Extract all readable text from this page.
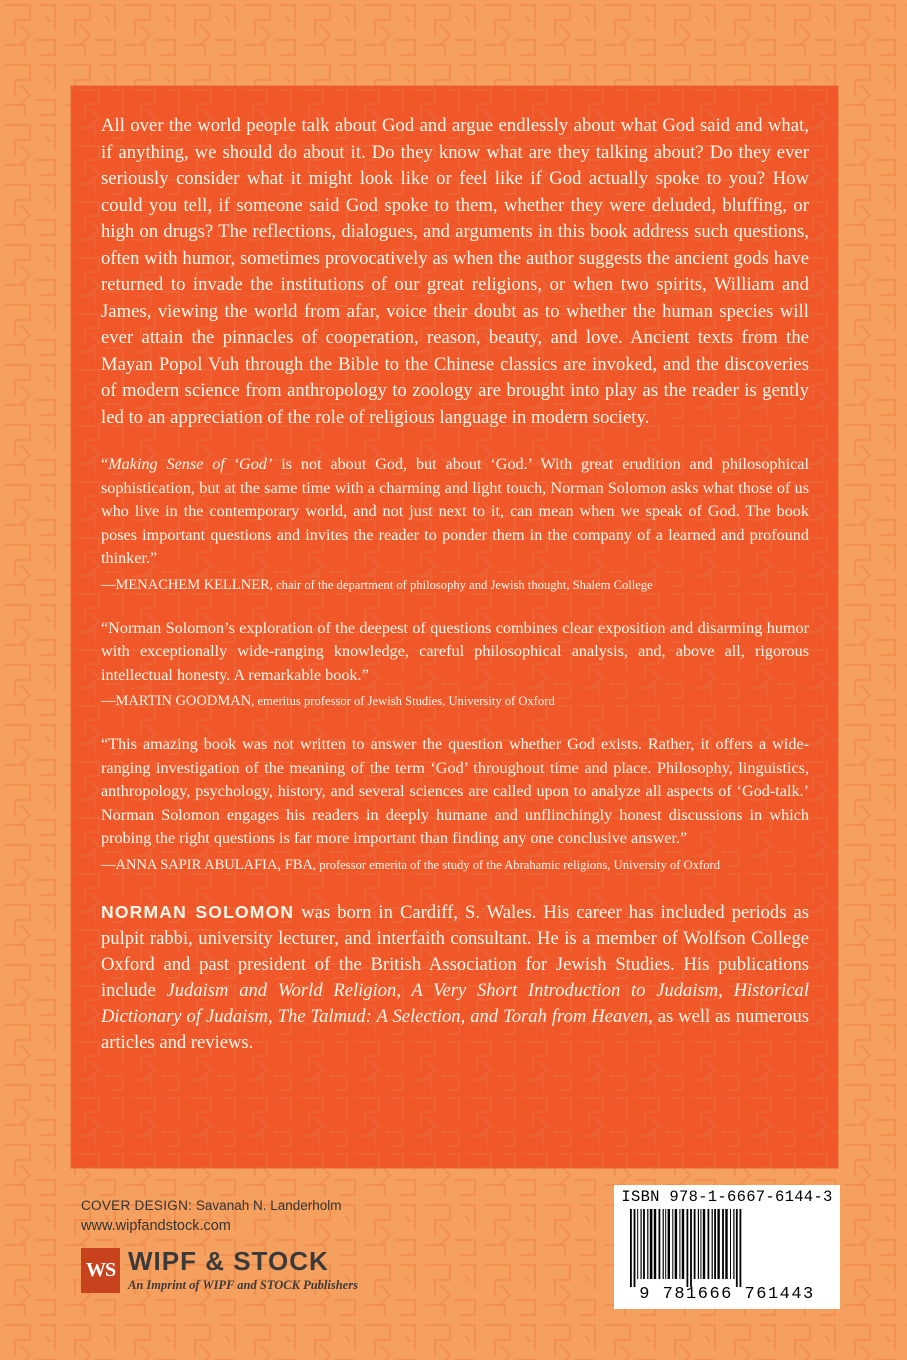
All over the world people talk about God and argue endlessly about what God said and what, if anything, we should do about it. Do they know what are they talking about? Do they ever seriously consider what it might look like or feel like if God actually spoke to you? How could you tell, if someone said God spoke to them, whether they were deluded, bluffing, or high on drugs? The reflections, dialogues, and arguments in this book address such questions, often with humor, sometimes provocatively as when the author suggests the ancient gods have returned to invade the institutions of our great religions, or when two spirits, William and James, viewing the world from afar, voice their doubt as to whether the human species will ever attain the pinnacles of cooperation, reason, beauty, and love. Ancient texts from the Mayan Popol Vuh through the Bible to the Chinese classics are invoked, and the discoveries of modern science from anthropology to zoology are brought into play as the reader is gently led to an appreciation of the role of religious language in modern society.

“Making Sense of ‘God’ is not about God, but about ‘God.’ With great erudition and philosophical sophistication, but at the same time with a charming and light touch, Norman Solomon asks what those of us who live in the contemporary world, and not just next to it, can mean when we speak of God. The book poses important questions and invites the reader to ponder them in the company of a learned and profound thinker.”

—MENACHEM KELLNER, chair of the department of philosophy and Jewish thought, Shalem College

“Norman Solomon’s exploration of the deepest of questions combines clear exposition and disarming humor with exceptionally wide-ranging knowledge, careful philosophical analysis, and, above all, rigorous intellectual honesty. A remarkable book.”

—MARTIN GOODMAN, emeritus professor of Jewish Studies, University of Oxford

“This amazing book was not written to answer the question whether God exists. Rather, it offers a wide-ranging investigation of the meaning of the term ‘God’ throughout time and place. Philosophy, linguistics, anthropology, psychology, history, and several sciences are called upon to analyze all aspects of ‘God-talk.’ Norman Solomon engages his readers in deeply humane and unflinchingly honest discussions in which probing the right questions is far more important than finding any one conclusive answer.”

—ANNA SAPIR ABULAFIA, FBA, professor emerita of the study of the Abrahamic religions, University of Oxford

NORMAN SOLOMON was born in Cardiff, S. Wales. His career has included periods as pulpit rabbi, university lecturer, and interfaith consultant. He is a member of Wolfson College Oxford and past president of the British Association for Jewish Studies. His publications include Judaism and World Religion, A Very Short Introduction to Judaism, Historical Dictionary of Judaism, The Talmud: A Selection, and Torah from Heaven, as well as numerous articles and reviews.

COVER DESIGN: Savanah N. Landerholm

www.wipfandstock.com

WS WIPF & STOCK
An Imprint of WIPF and STOCK Publishers
ISBN 978-1-6667-6144-3
9 781666 761443
